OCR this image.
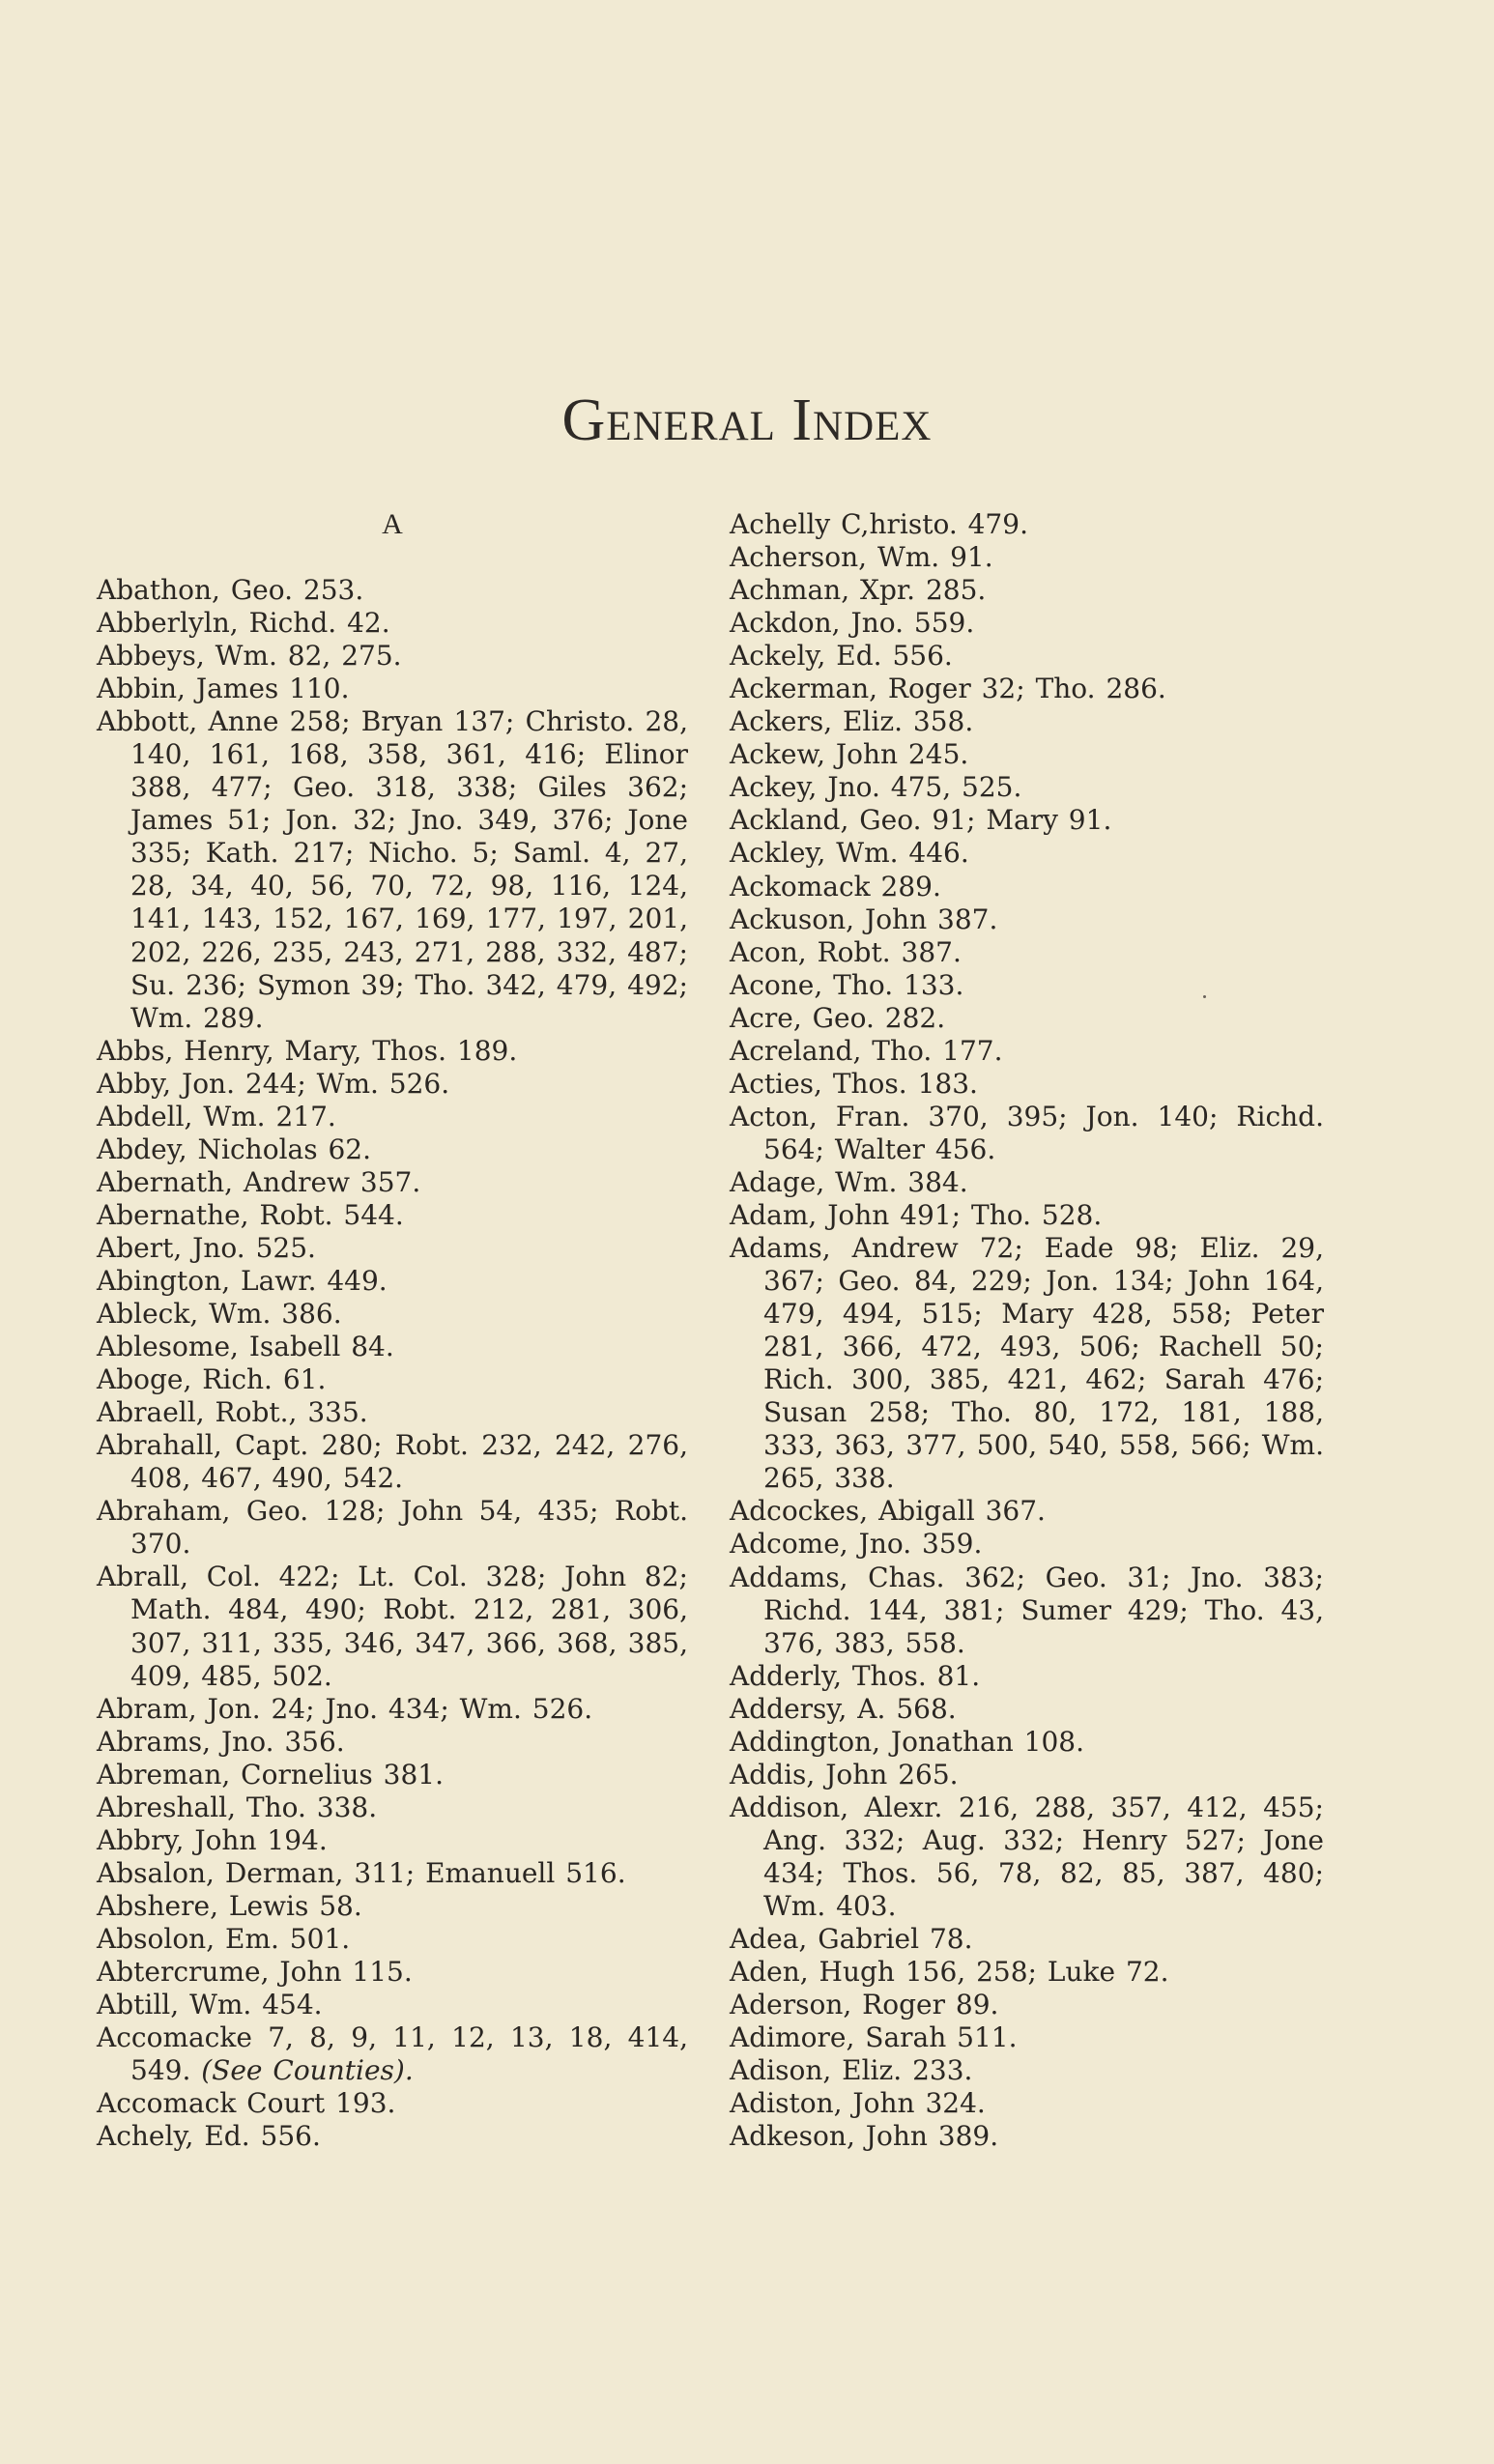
General Index
A
Abathon, Geo. 253.
Abberlyln, Richd. 42.
Abbeys, Wm. 82, 275.
Abbin, James 110.
Abbott, Anne 258; Bryan 137; Christo. 28, 140, 161, 168, 358, 361, 416; Elinor 388, 477; Geo. 318, 338; Giles 362; James 51; Jon. 32; Jno. 349, 376; Jone 335; Kath. 217; Nicho. 5; Saml. 4, 27, 28, 34, 40, 56, 70, 72, 98, 116, 124, 141, 143, 152, 167, 169, 177, 197, 201, 202, 226, 235, 243, 271, 288, 332, 487; Su. 236; Symon 39; Tho. 342, 479, 492; Wm. 289.
Abbs, Henry, Mary, Thos. 189.
Abby, Jon. 244; Wm. 526.
Abdell, Wm. 217.
Abdey, Nicholas 62.
Abernath, Andrew 357.
Abernathe, Robt. 544.
Abert, Jno. 525.
Abington, Lawr. 449.
Ableck, Wm. 386.
Ablesome, Isabell 84.
Aboge, Rich. 61.
Abraell, Robt., 335.
Abrahall, Capt. 280; Robt. 232, 242, 276, 408, 467, 490, 542.
Abraham, Geo. 128; John 54, 435; Robt. 370.
Abrall, Col. 422; Lt. Col. 328; John 82; Math. 484, 490; Robt. 212, 281, 306, 307, 311, 335, 346, 347, 366, 368, 385, 409, 485, 502.
Abram, Jon. 24; Jno. 434; Wm. 526.
Abrams, Jno. 356.
Abreman, Cornelius 381.
Abreshall, Tho. 338.
Abbry, John 194.
Absalon, Derman, 311; Emanuell 516.
Abshere, Lewis 58.
Absolon, Em. 501.
Abtercrume, John 115.
Abtill, Wm. 454.
Accomacke 7, 8, 9, 11, 12, 13, 18, 414, 549. (See Counties).
Accomack Court 193.
Achely, Ed. 556.
Achelly C,hristo. 479.
Acherson, Wm. 91.
Achman, Xpr. 285.
Ackdon, Jno. 559.
Ackely, Ed. 556.
Ackerman, Roger 32; Tho. 286.
Ackers, Eliz. 358.
Ackew, John 245.
Ackey, Jno. 475, 525.
Ackland, Geo. 91; Mary 91.
Ackley, Wm. 446.
Ackomack 289.
Ackuson, John 387.
Acon, Robt. 387.
Acone, Tho. 133.
Acre, Geo. 282.
Acreland, Tho. 177.
Acties, Thos. 183.
Acton, Fran. 370, 395; Jon. 140; Richd. 564; Walter 456.
Adage, Wm. 384.
Adam, John 491; Tho. 528.
Adams, Andrew 72; Eade 98; Eliz. 29, 367; Geo. 84, 229; Jon. 134; John 164, 479, 494, 515; Mary 428, 558; Peter 281, 366, 472, 493, 506; Rachell 50; Rich. 300, 385, 421, 462; Sarah 476; Susan 258; Tho. 80, 172, 181, 188, 333, 363, 377, 500, 540, 558, 566; Wm. 265, 338.
Adcockes, Abigall 367.
Adcome, Jno. 359.
Addams, Chas. 362; Geo. 31; Jno. 383; Richd. 144, 381; Sumer 429; Tho. 43, 376, 383, 558.
Adderly, Thos. 81.
Addersy, A. 568.
Addington, Jonathan 108.
Addis, John 265.
Addison, Alexr. 216, 288, 357, 412, 455; Ang. 332; Aug. 332; Henry 527; Jone 434; Thos. 56, 78, 82, 85, 387, 480; Wm. 403.
Adea, Gabriel 78.
Aden, Hugh 156, 258; Luke 72.
Aderson, Roger 89.
Adimore, Sarah 511.
Adison, Eliz. 233.
Adiston, John 324.
Adkeson, John 389.
